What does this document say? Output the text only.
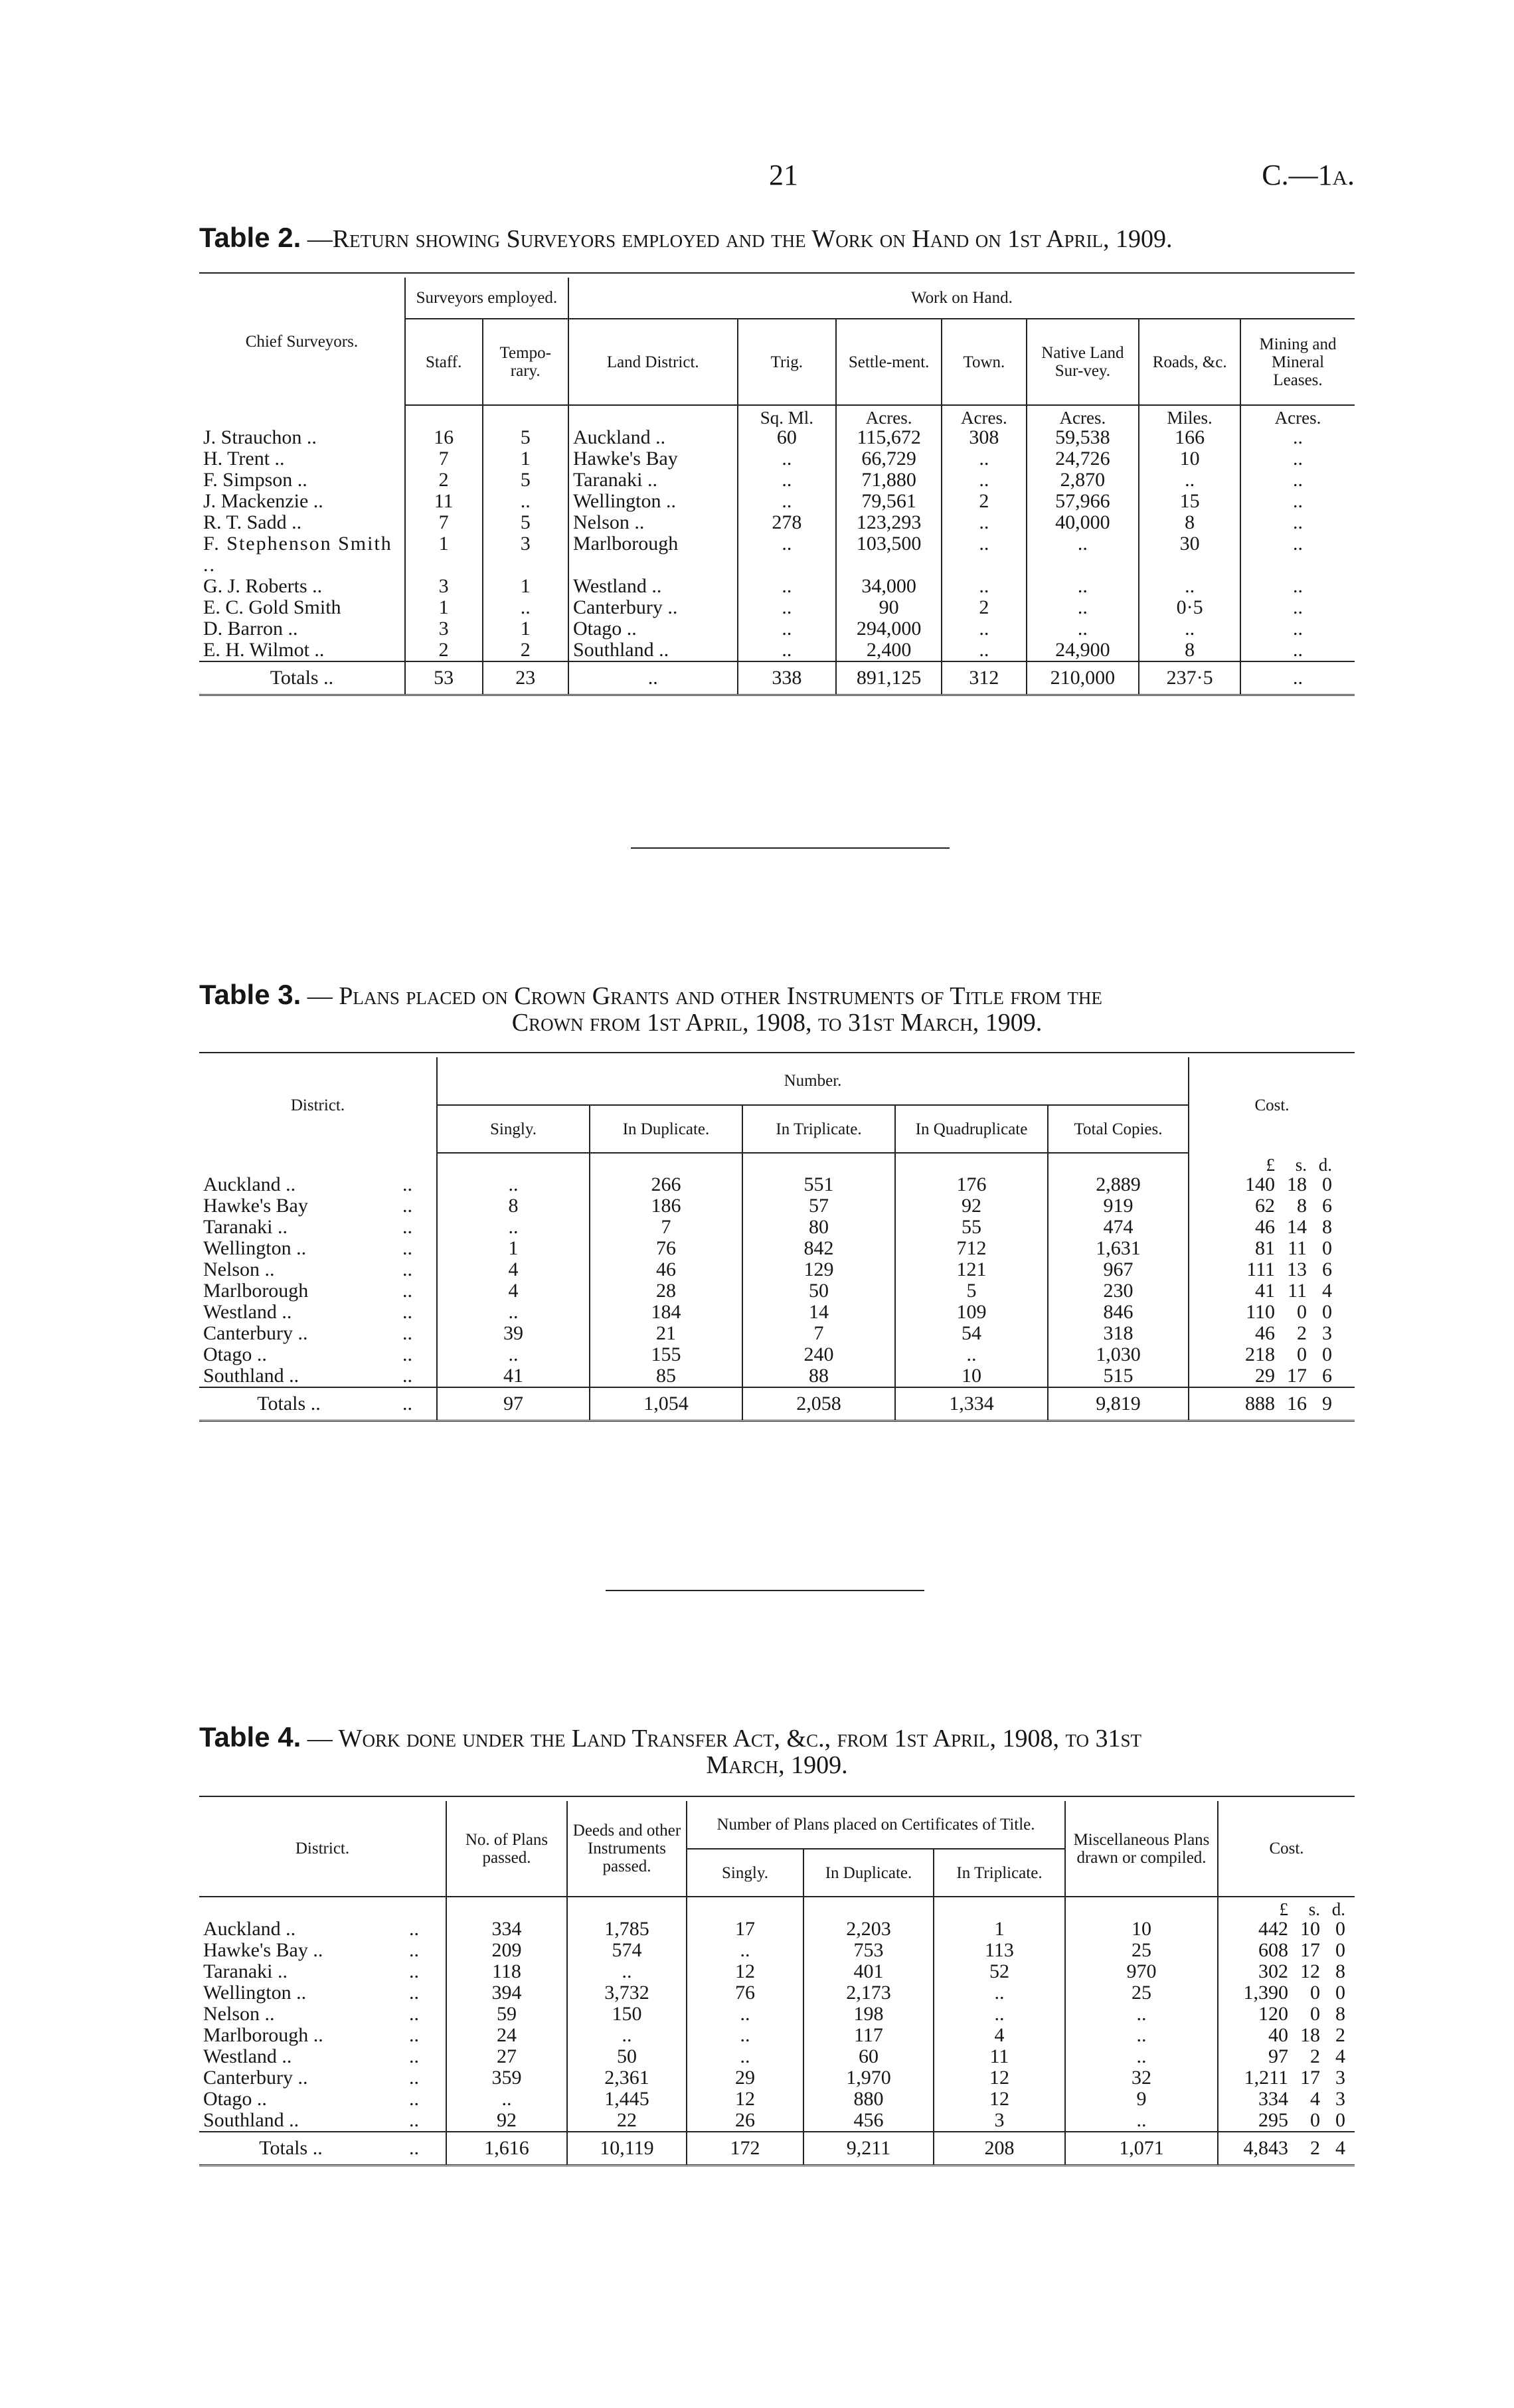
21	C.—1a.
Table 2. —Return showing Surveyors employed and the Work on Hand on 1st April, 1909.
Chief Surveyors.	Surveyors employed.		Work on Hand.						
	Staff.	Tempo-rary.	Land District.	Trig.	Settle-ment.	Town.	Native Land Sur-vey.	Roads, &c.	Mining and Mineral Leases.
				Sq. Ml.	Acres.	Acres.	Acres.	Miles.	Acres.
J. Strauchon ..	16	5	Auckland ..	60	115,672	308	59,538	166	..
H. Trent ..	7	1	Hawke's Bay	..	66,729	..	24,726	10	..
F. Simpson ..	2	5	Taranaki ..	..	71,880	..	2,870	..	..
J. Mackenzie ..	11	..	Wellington ..	..	79,561	2	57,966	15	..
R. T. Sadd ..	7	5	Nelson ..	278	123,293	..	40,000	8	..
F. Stephenson Smith ..	1	3	Marlborough	..	103,500	..	..	30	..
G. J. Roberts ..	3	1	Westland ..	..	34,000	..	..	..	..
E. C. Gold Smith	1	..	Canterbury ..	..	90	2	..	0·5	..
D. Barron ..	3	1	Otago ..	..	294,000	..	..	..	..
E. H. Wilmot ..	2	2	Southland ..	..	2,400	..	24,900	8	..
Totals ..	53	23	..	338	891,125	312	210,000	237·5	..
Table 3. — Plans placed on Crown Grants and other Instruments of Title from the
Crown from 1st April, 1908, to 31st March, 1909.
District.		Number.					Cost.
		Singly.	In Duplicate.	In Triplicate.	In Quadruplicate	Total Copies.	
							£ s. d.
Auckland ..	..	..	266	551	176	2,889	140 18 0
Hawke's Bay	..	8	186	57	92	919	62 8 6
Taranaki ..	..	..	7	80	55	474	46 14 8
Wellington ..	..	1	76	842	712	1,631	81 11 0
Nelson ..	..	4	46	129	121	967	111 13 6
Marlborough	..	4	28	50	5	230	41 11 4
Westland ..	..	..	184	14	109	846	110 0 0
Canterbury ..	..	39	21	7	54	318	46 2 3
Otago ..	..	..	155	240	..	1,030	218 0 0
Southland ..	..	41	85	88	10	515	29 17 6
Totals ..	..	97	1,054	2,058	1,334	9,819	888 16 9
Table 4. — Work done under the Land Transfer Act, &c., from 1st April, 1908, to 31st
March, 1909.
District.		No. of Plans passed.	Deeds and other Instruments passed.	Number of Plans placed on Certificates of Title.			Miscellaneous Plans drawn or compiled.	Cost.
				Singly.	In Duplicate.	In Triplicate.		
								£ s. d.
Auckland ..	..	334	1,785	17	2,203	1	10	442 10 0
Hawke's Bay ..	..	209	574	..	753	113	25	608 17 0
Taranaki ..	..	118	..	12	401	52	970	302 12 8
Wellington ..	..	394	3,732	76	2,173	..	25	1,390 0 0
Nelson ..	..	59	150	..	198	..	..	120 0 8
Marlborough ..	..	24	..	..	117	4	..	40 18 2
Westland ..	..	27	50	..	60	11	..	97 2 4
Canterbury ..	..	359	2,361	29	1,970	12	32	1,211 17 3
Otago ..	..	..	1,445	12	880	12	9	334 4 3
Southland ..	..	92	22	26	456	3	..	295 0 0
Totals ..	..	1,616	10,119	172	9,211	208	1,071	4,843 2 4
